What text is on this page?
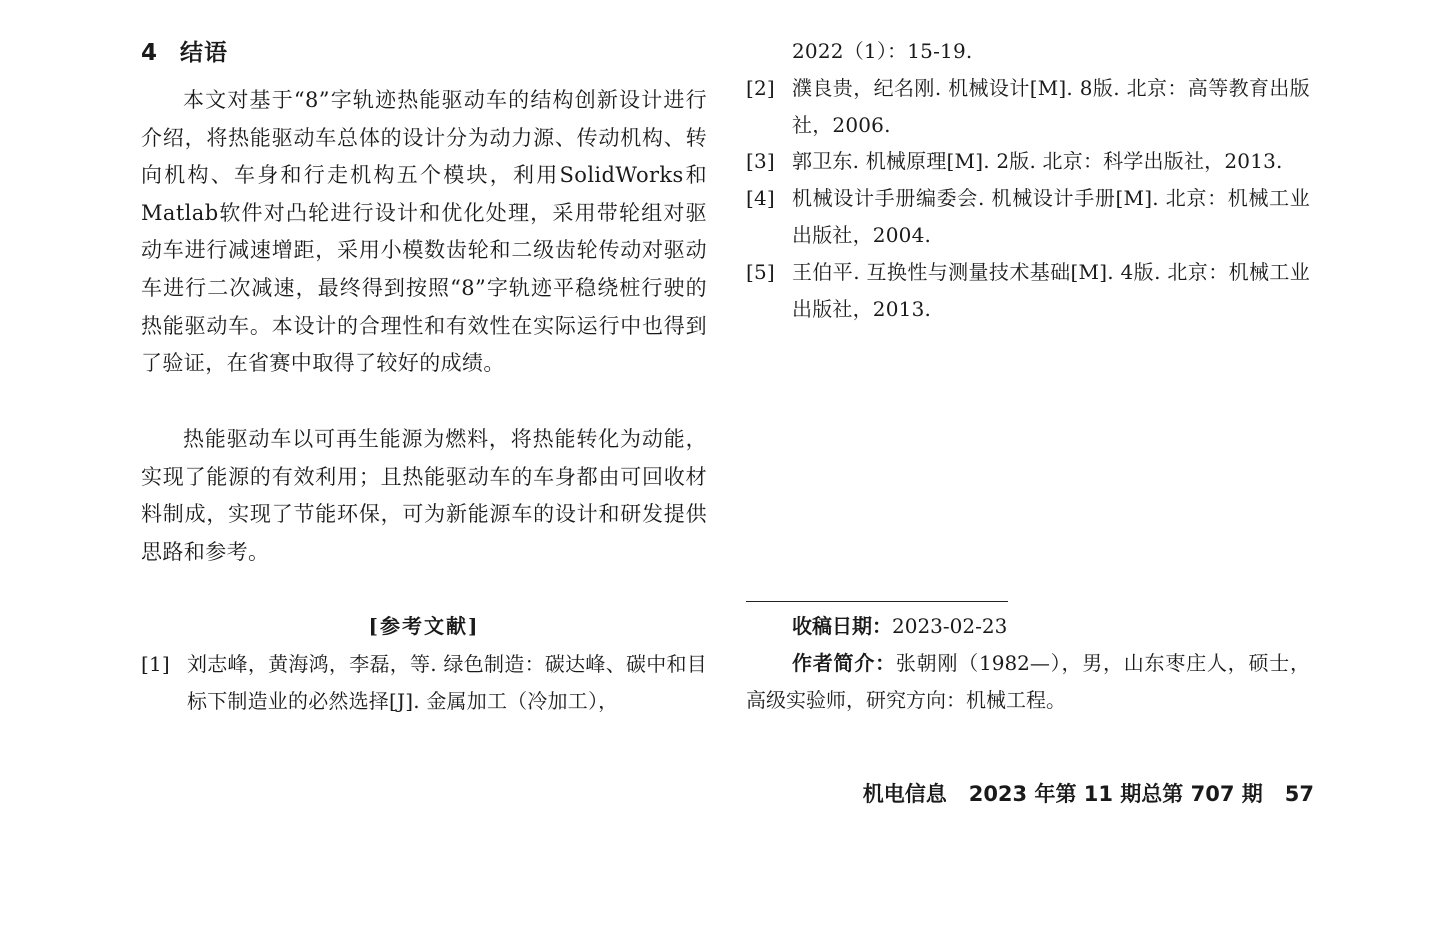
4 结语

本文对基于“8”字轨迹热能驱动车的结构创新设计进行介绍，将热能驱动车总体的设计分为动力源、传动机构、转向机构、车身和行走机构五个模块，利用SolidWorks和Matlab软件对凸轮进行设计和优化处理，采用带轮组对驱动车进行减速增距，采用小模数齿轮和二级齿轮传动对驱动车进行二次减速，最终得到按照“8”字轨迹平稳绕桩行驶的热能驱动车。本设计的合理性和有效性在实际运行中也得到了验证，在省赛中取得了较好的成绩。

热能驱动车以可再生能源为燃料，将热能转化为动能，实现了能源的有效利用；且热能驱动车的车身都由可回收材料制成，实现了节能环保，可为新能源车的设计和研发提供思路和参考。

[参考文献]
[1] 刘志峰，黄海鸿，李磊，等. 绿色制造：碳达峰、碳中和目标下制造业的必然选择[J]. 金属加工（冷加工），
2022（1）：15-19.
[2] 濮良贵，纪名刚. 机械设计[M]. 8版. 北京：高等教育出版社，2006.
[3] 郭卫东. 机械原理[M]. 2版. 北京：科学出版社，2013.
[4] 机械设计手册编委会. 机械设计手册[M]. 北京：机械工业出版社，2004.
[5] 王伯平. 互换性与测量技术基础[M]. 4版. 北京：机械工业出版社，2013.

收稿日期：2023-02-23

作者简介：张朝刚（1982—），男，山东枣庄人，硕士，高级实验师，研究方向：机械工程。

机电信息 2023 年第 11 期总第 707 期 57
